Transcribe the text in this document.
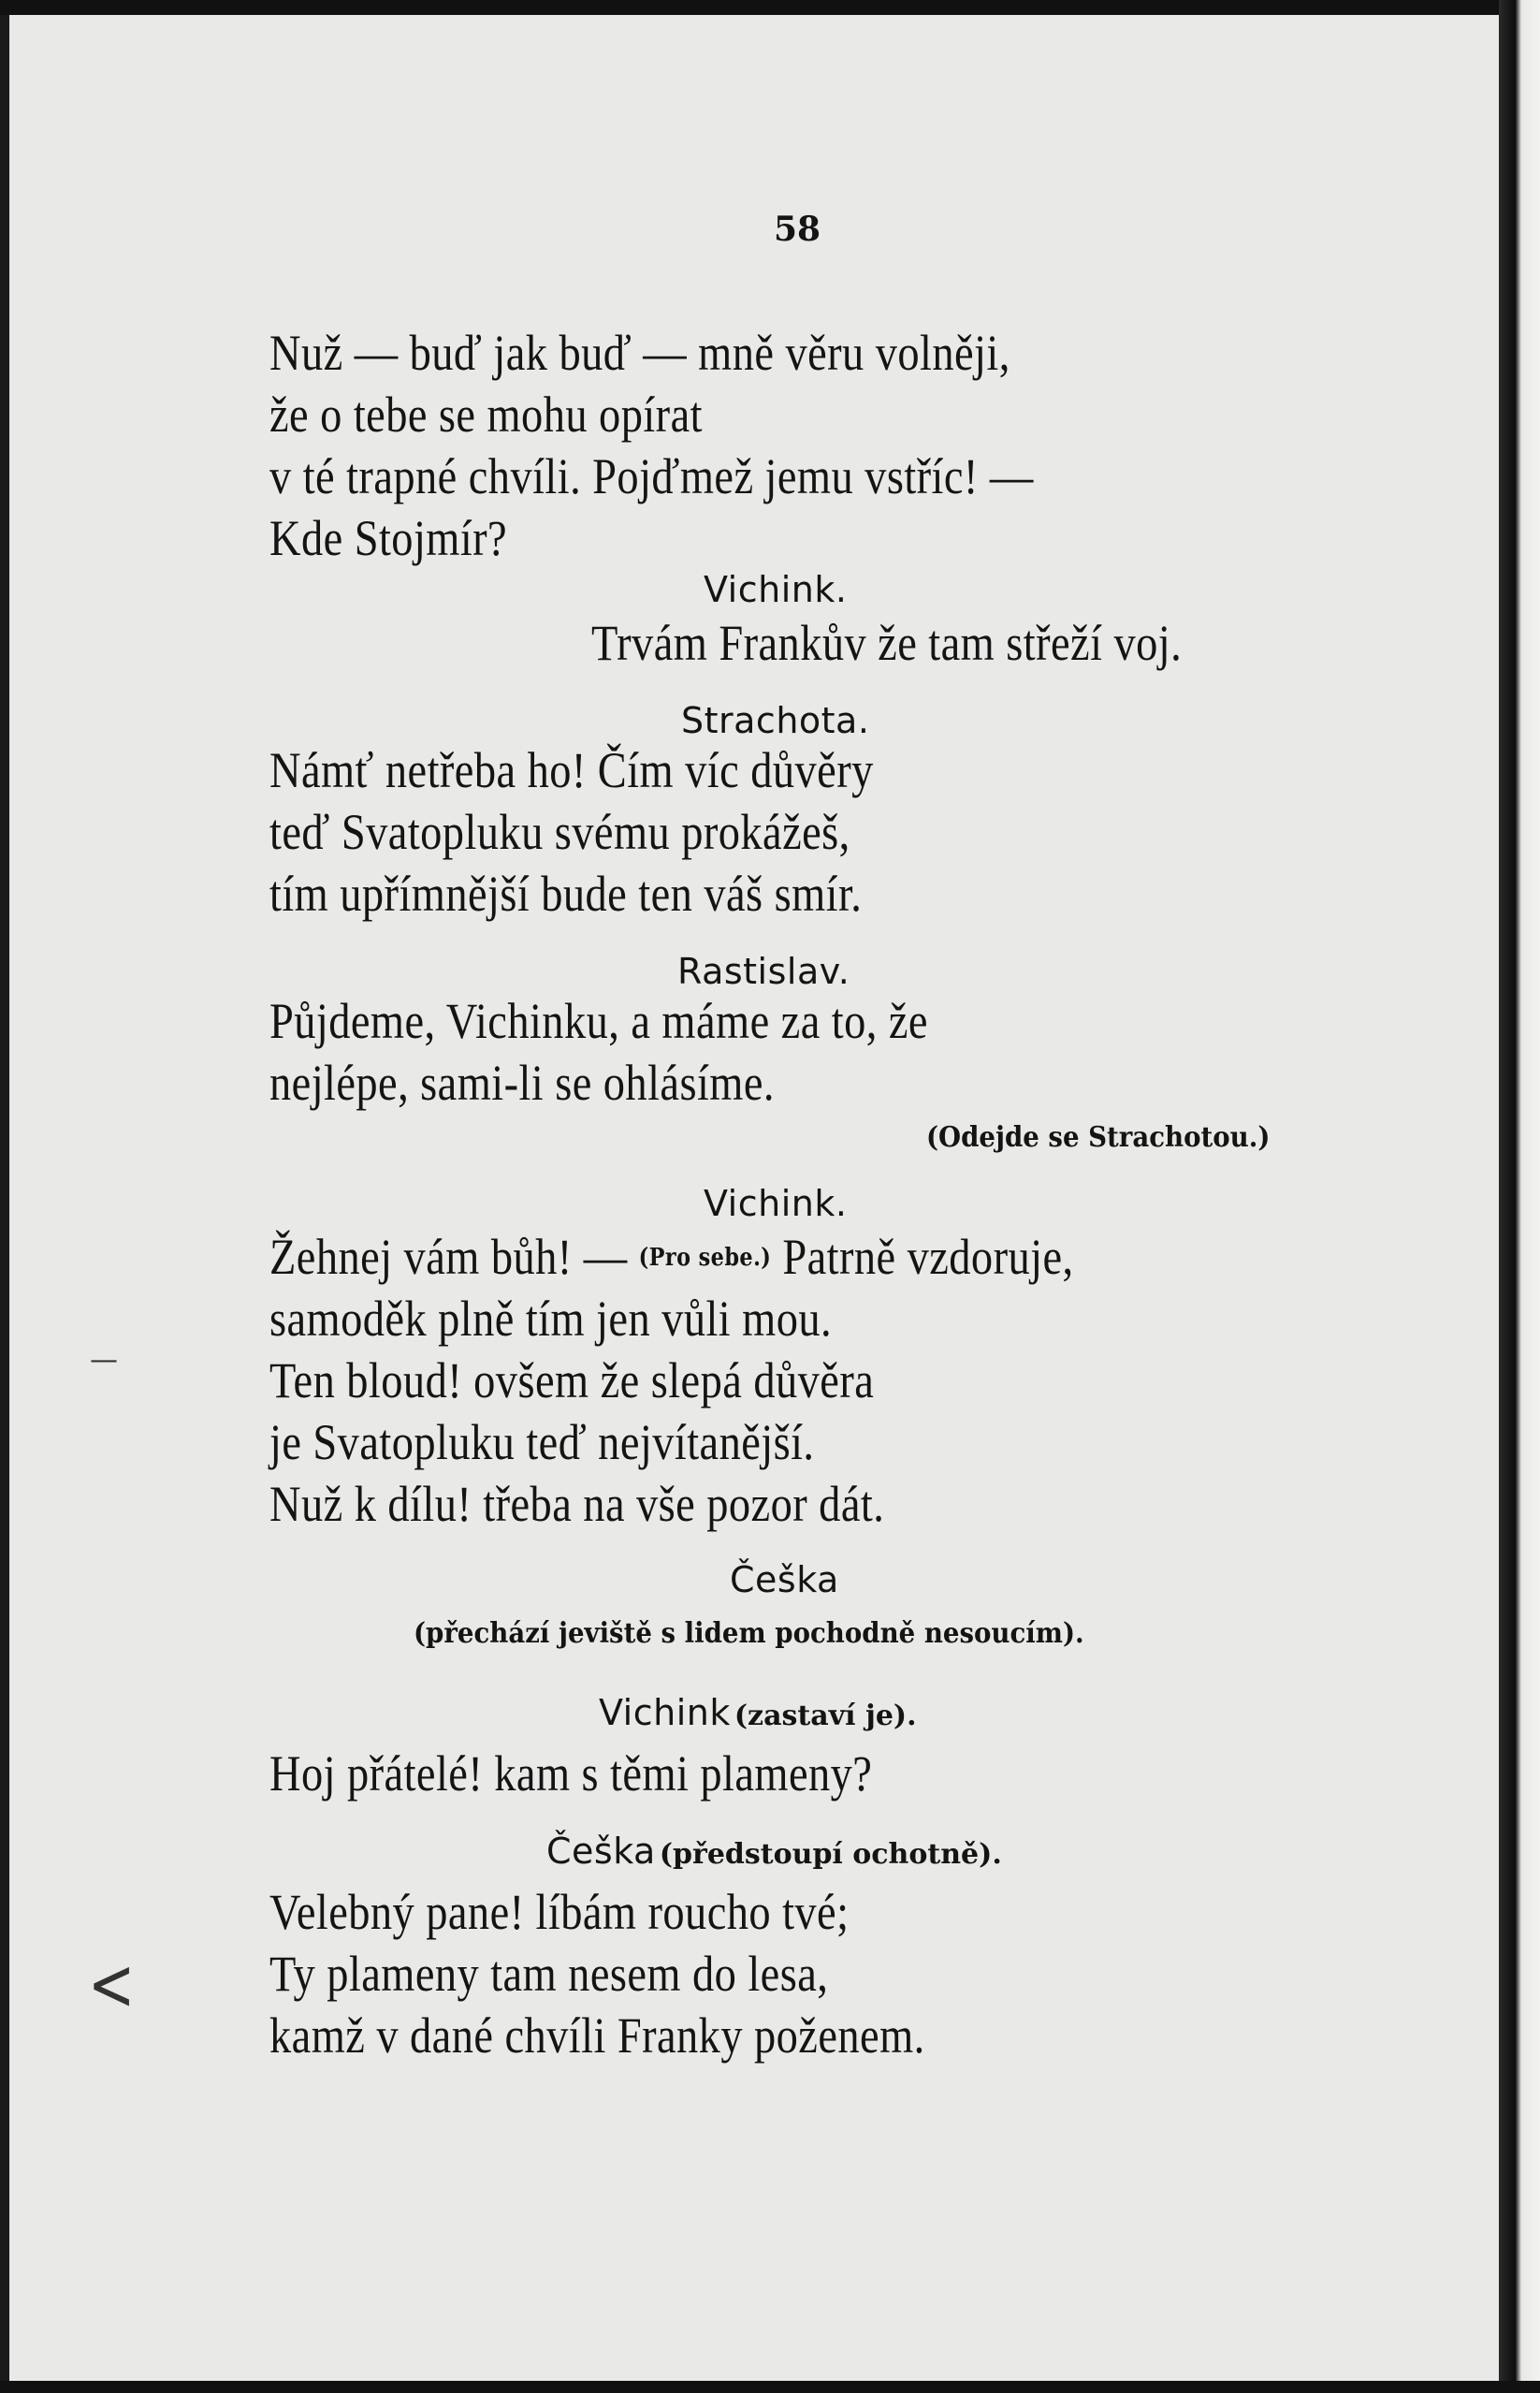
58
Nuž — buď jak buď — mně věru volněji,
že o tebe se mohu opírat
v té trapné chvíli. Pojďmež jemu vstříc! —
Kde Stojmír?
Vichink.
Trvám Frankův že tam střeží voj.
Strachota.
Námť netřeba ho! Čím víc důvěry
teď Svatopluku svému prokážeš,
tím upřímnější bude ten váš smír.
Rastislav.
Půjdeme, Vichinku, a máme za to, že
nejlépe, sami-li se ohlásíme.
(Odejde se Strachotou.)
Vichink.
Žehnej vám bůh! — (Pro sebe.) Patrně vzdoruje,
samoděk plně tím jen vůli mou.
Ten bloud! ovšem že slepá důvěra
je Svatopluku teď nejvítanější.
Nuž k dílu! třeba na vše pozor dát.
Češka
(přechází jeviště s lidem pochodně nesoucím).
Vichink (zastaví je).
Hoj přátelé! kam s těmi plameny?
Češka (předstoupí ochotně).
Velebný pane! líbám roucho tvé;
Ty plameny tam nesem do lesa,
kamž v dané chvíli Franky poženem.
<
—
